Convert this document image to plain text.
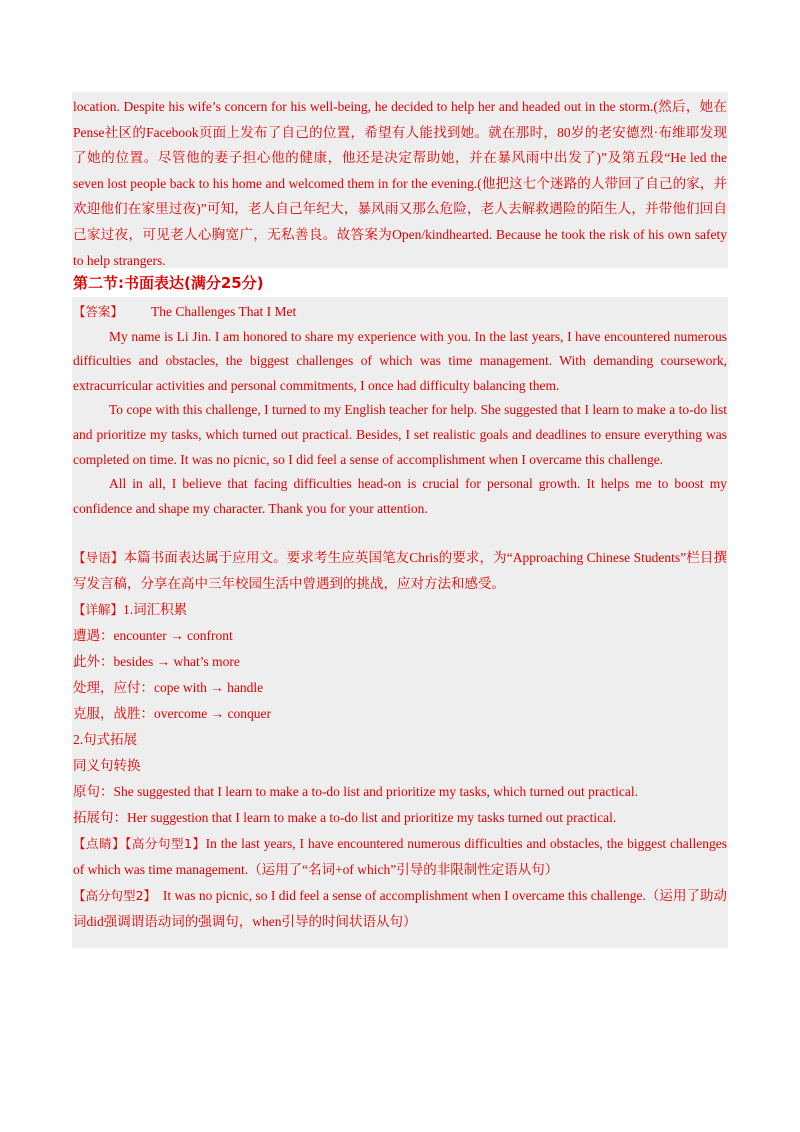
location. Despite his wife’s concern for his well-being, he decided to help her and headed out in the storm.(然后，她在Pense社区的Facebook页面上发布了自己的位置，希望有人能找到她。就在那时，80岁的老安德烈·布维耶发现了她的位置。尽管他的妻子担心他的健康，他还是决定帮助她，并在暴风雨中出发了)”及第五段“He led the seven lost people back to his home and welcomed them in for the evening.(他把这七个迷路的人带回了自己的家，并欢迎他们在家里过夜)”可知，老人自己年纪大，暴风雨又那么危险，老人去解救遇险的陌生人，并带他们回自己家过夜，可见老人心胸宽广，无私善良。故答案为Open/kindhearted. Because he took the risk of his own safety to help strangers.

第二节:书面表达(满分25分)

【答案】 The Challenges That I Met

My name is Li Jin. I am honored to share my experience with you. In the last years, I have encountered numerous difficulties and obstacles, the biggest challenges of which was time management. With demanding coursework, extracurricular activities and personal commitments, I once had difficulty balancing them.

To cope with this challenge, I turned to my English teacher for help. She suggested that I learn to make a to-do list and prioritize my tasks, which turned out practical. Besides, I set realistic goals and deadlines to ensure everything was completed on time. It was no picnic, so I did feel a sense of accomplishment when I overcame this challenge.

All in all, I believe that facing difficulties head-on is crucial for personal growth. It helps me to boost my confidence and shape my character. Thank you for your attention.

【导语】本篇书面表达属于应用文。要求考生应英国笔友Chris的要求，为“Approaching Chinese Students”栏目撰写发言稿，分享在高中三年校园生活中曾遇到的挑战，应对方法和感受。

【详解】1.词汇积累

遭遇：encounter → confront

此外：besides → what’s more

处理，应付：cope with → handle

克服，战胜：overcome → conquer

2.句式拓展

同义句转换

原句：She suggested that I learn to make a to-do list and prioritize my tasks, which turned out practical.

拓展句：Her suggestion that I learn to make a to-do list and prioritize my tasks turned out practical.

【点睛】【高分句型1】In the last years, I have encountered numerous difficulties and obstacles, the biggest challenges of which was time management.（运用了“名词+of which”引导的非限制性定语从句）

【高分句型2】 It was no picnic, so I did feel a sense of accomplishment when I overcame this challenge.（运用了助动词did强调谓语动词的强调句，when引导的时间状语从句）
